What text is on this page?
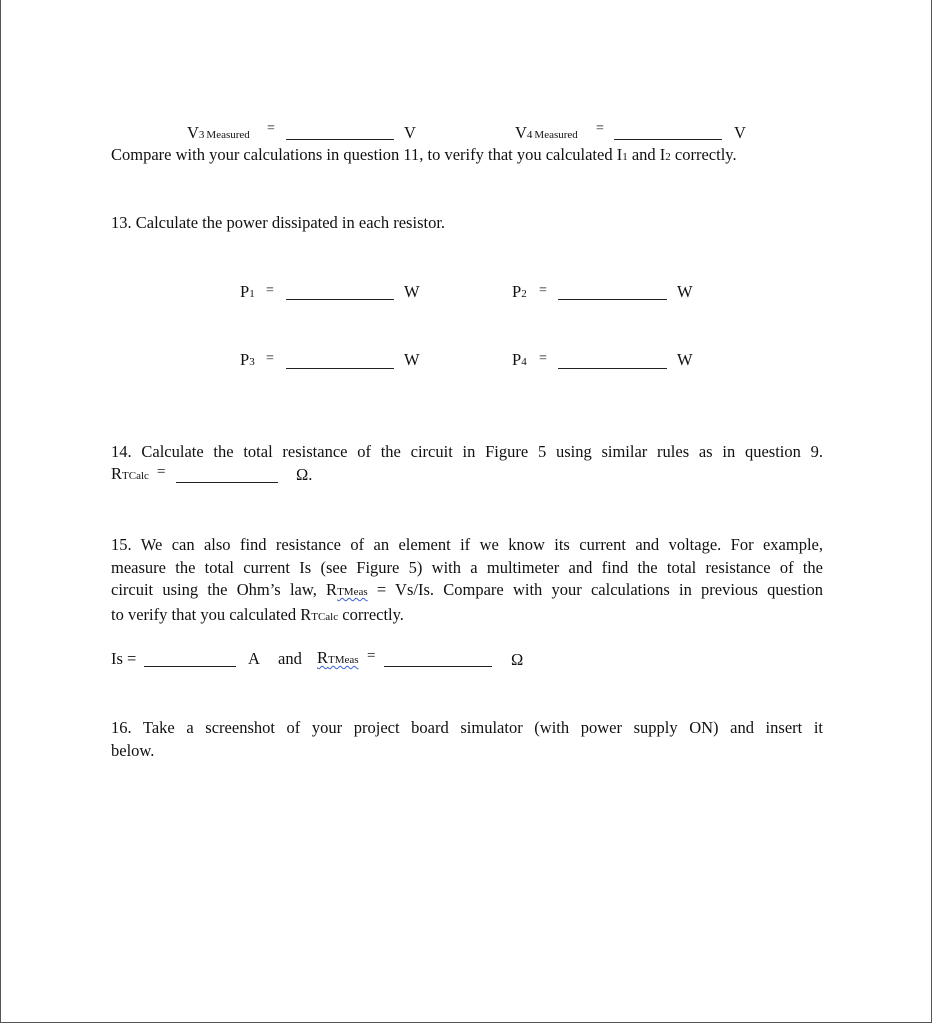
V3 Measured =	V	V4 Measured =	V
Compare with your calculations in question 11, to verify that you calculated I1 and I2 correctly.
13. Calculate the power dissipated in each resistor.
P1 =	W	P2 =	W
P3 =	W	P4 =	W
14. Calculate the total resistance of the circuit in Figure 5 using similar rules as in question 9.
RTCalc =	Ω.
15. We can also find resistance of an element if we know its current and voltage. For example,
measure the total current Is (see Figure 5) with a multimeter and find the total resistance of the
circuit using the Ohm’s law, RTMeas = Vs/Is. Compare with your calculations in previous question
to verify that you calculated RTCalc correctly.
Is =	A and RTMeas =	Ω
16. Take a screenshot of your project board simulator (with power supply ON) and insert it
below.
